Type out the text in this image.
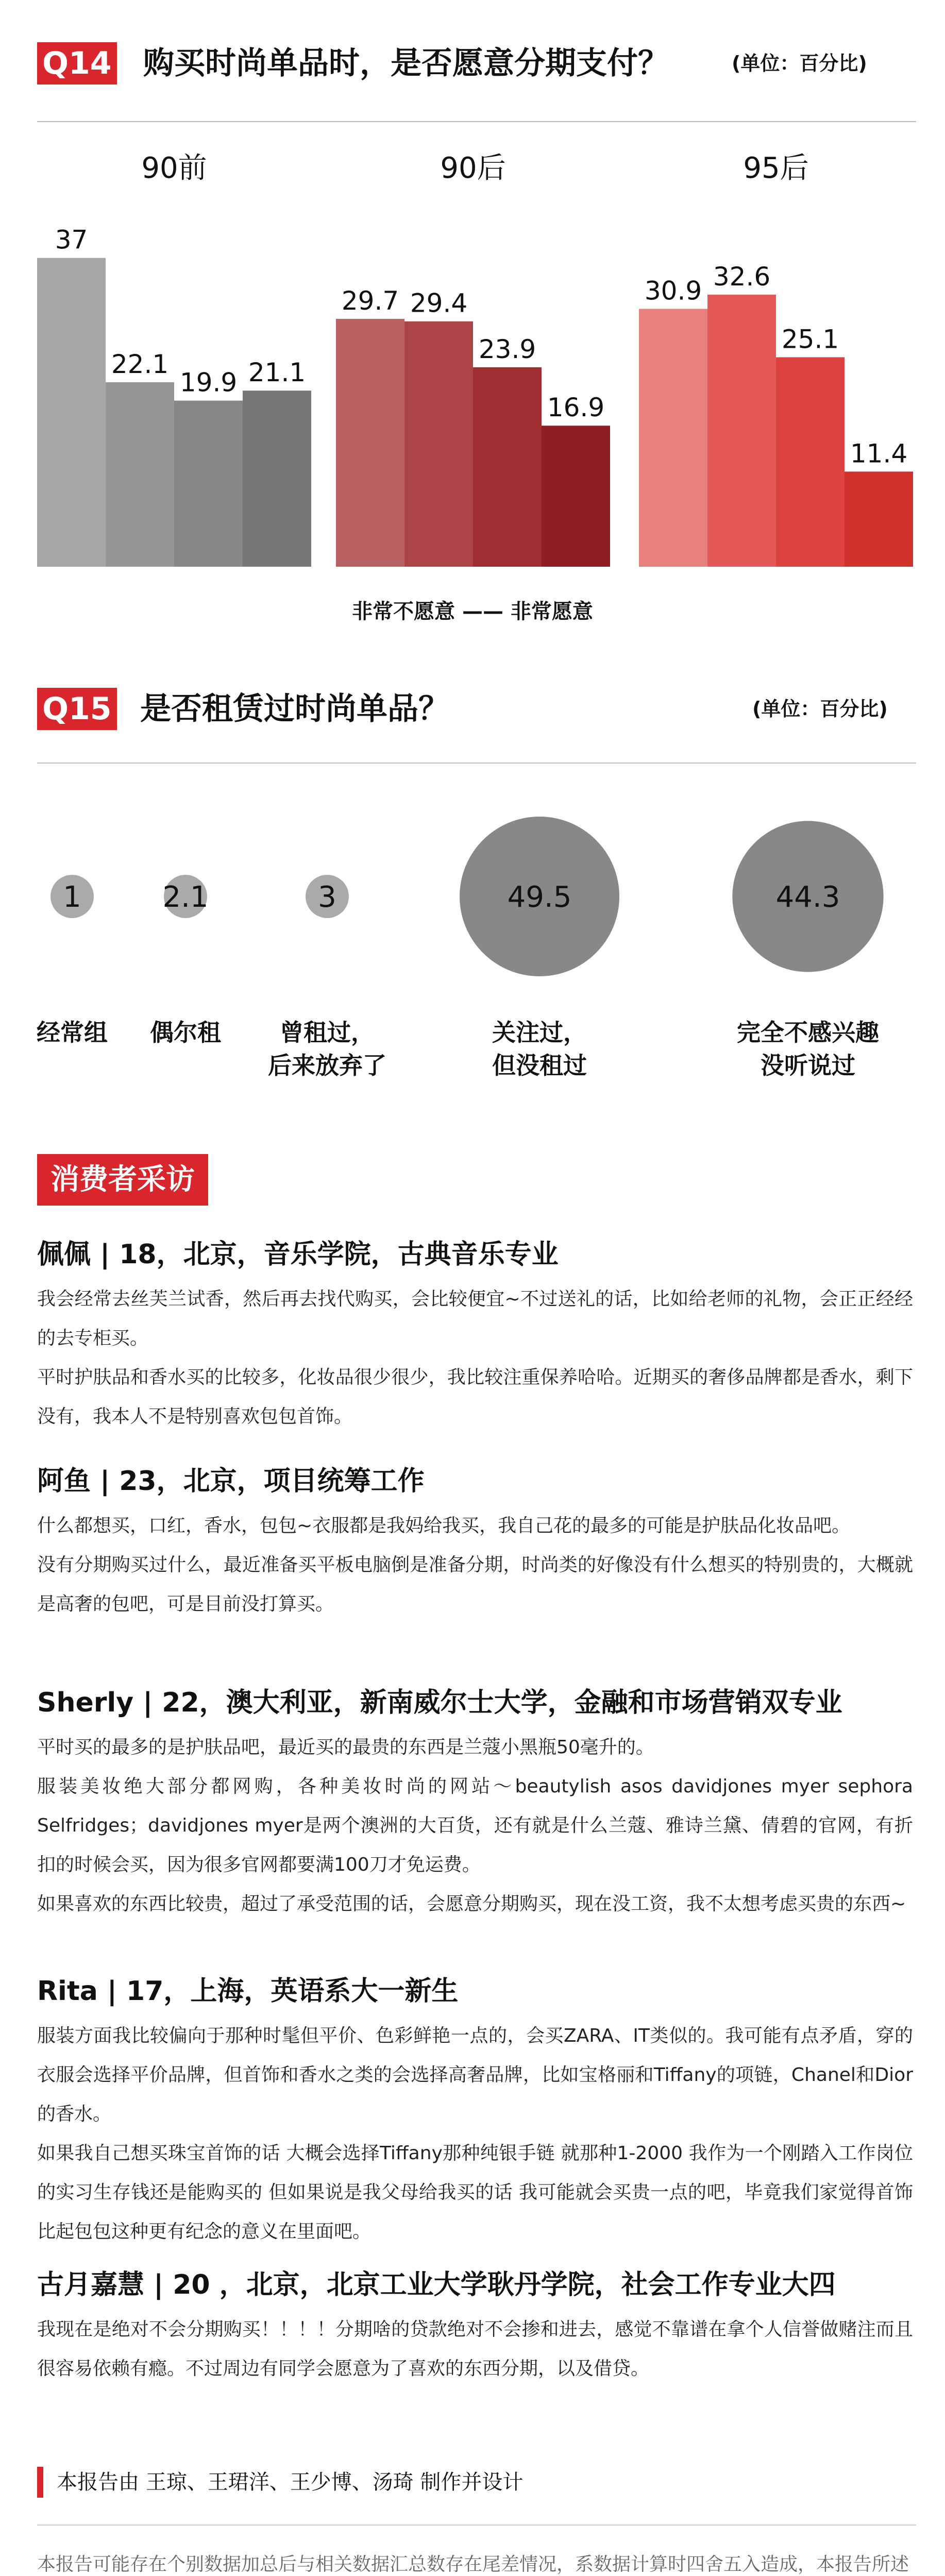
Q14 购买时尚单品时，是否愿意分期支付？	(单位：百分比)
90前
37
22.1
19.9 21.1
90后
29.7 29.4
23.9
16.9
95后
30.9 32.6
25.1
11.4
非常不愿意 —— 非常愿意
Q15 是否租赁过时尚单品？	(单位：百分比)
1
经常组
2.1
偶尔租
3
曾租过，
后来放弃了
49.5
关注过，
但没租过
44.3
完全不感兴趣
没听说过
消费者采访
佩佩 | 18，北京，音乐学院，古典音乐专业

我会经常去丝芙兰试香，然后再去找代购买，会比较便宜~不过送礼的话，比如给老师的礼物，会正正经经的去专柜买。

平时护肤品和香水买的比较多，化妆品很少很少，我比较注重保养哈哈。近期买的奢侈品牌都是香水，剩下没有，我本人不是特别喜欢包包首饰。

阿鱼 | 23，北京，项目统筹工作

什么都想买，口红，香水，包包~衣服都是我妈给我买，我自己花的最多的可能是护肤品化妆品吧。

没有分期购买过什么，最近准备买平板电脑倒是准备分期，时尚类的好像没有什么想买的特别贵的，大概就是高奢的包吧，可是目前没打算买。

Sherly | 22，澳大利亚，新南威尔士大学，金融和市场营销双专业

平时买的最多的是护肤品吧，最近买的最贵的东西是兰蔻小黑瓶50毫升的。

服装美妆绝大部分都网购，各种美妆时尚的网站～beautylish asos davidjones myer sephora Selfridges；davidjones myer是两个澳洲的大百货，还有就是什么兰蔻、雅诗兰黛、倩碧的官网，有折扣的时候会买，因为很多官网都要满100刀才免运费。

如果喜欢的东西比较贵，超过了承受范围的话，会愿意分期购买，现在没工资，我不太想考虑买贵的东西~

Rita | 17，上海，英语系大一新生

服装方面我比较偏向于那种时髦但平价、色彩鲜艳一点的，会买ZARA、IT类似的。我可能有点矛盾，穿的衣服会选择平价品牌，但首饰和香水之类的会选择高奢品牌，比如宝格丽和Tiffany的项链，Chanel和Dior的香水。

如果我自己想买珠宝首饰的话 大概会选择Tiffany那种纯银手链 就那种1-2000 我作为一个刚踏入工作岗位的实习生存钱还是能购买的 但如果说是我父母给我买的话 我可能就会买贵一点的吧，毕竟我们家觉得首饰比起包包这种更有纪念的意义在里面吧。

古月嘉慧 | 20 ，北京，北京工业大学耿丹学院，社会工作专业大四

我现在是绝对不会分期购买！！！！分期啥的贷款绝对不会掺和进去，感觉不靠谱在拿个人信誉做赌注而且很容易依赖有瘾。不过周边有同学会愿意为了喜欢的东西分期，以及借贷。

本报告由 王琼、王珺洋、王少博、汤琦 制作并设计
本报告可能存在个别数据加总后与相关数据汇总数存在尾差情况，系数据计算时四舍五入造成，本报告所述
